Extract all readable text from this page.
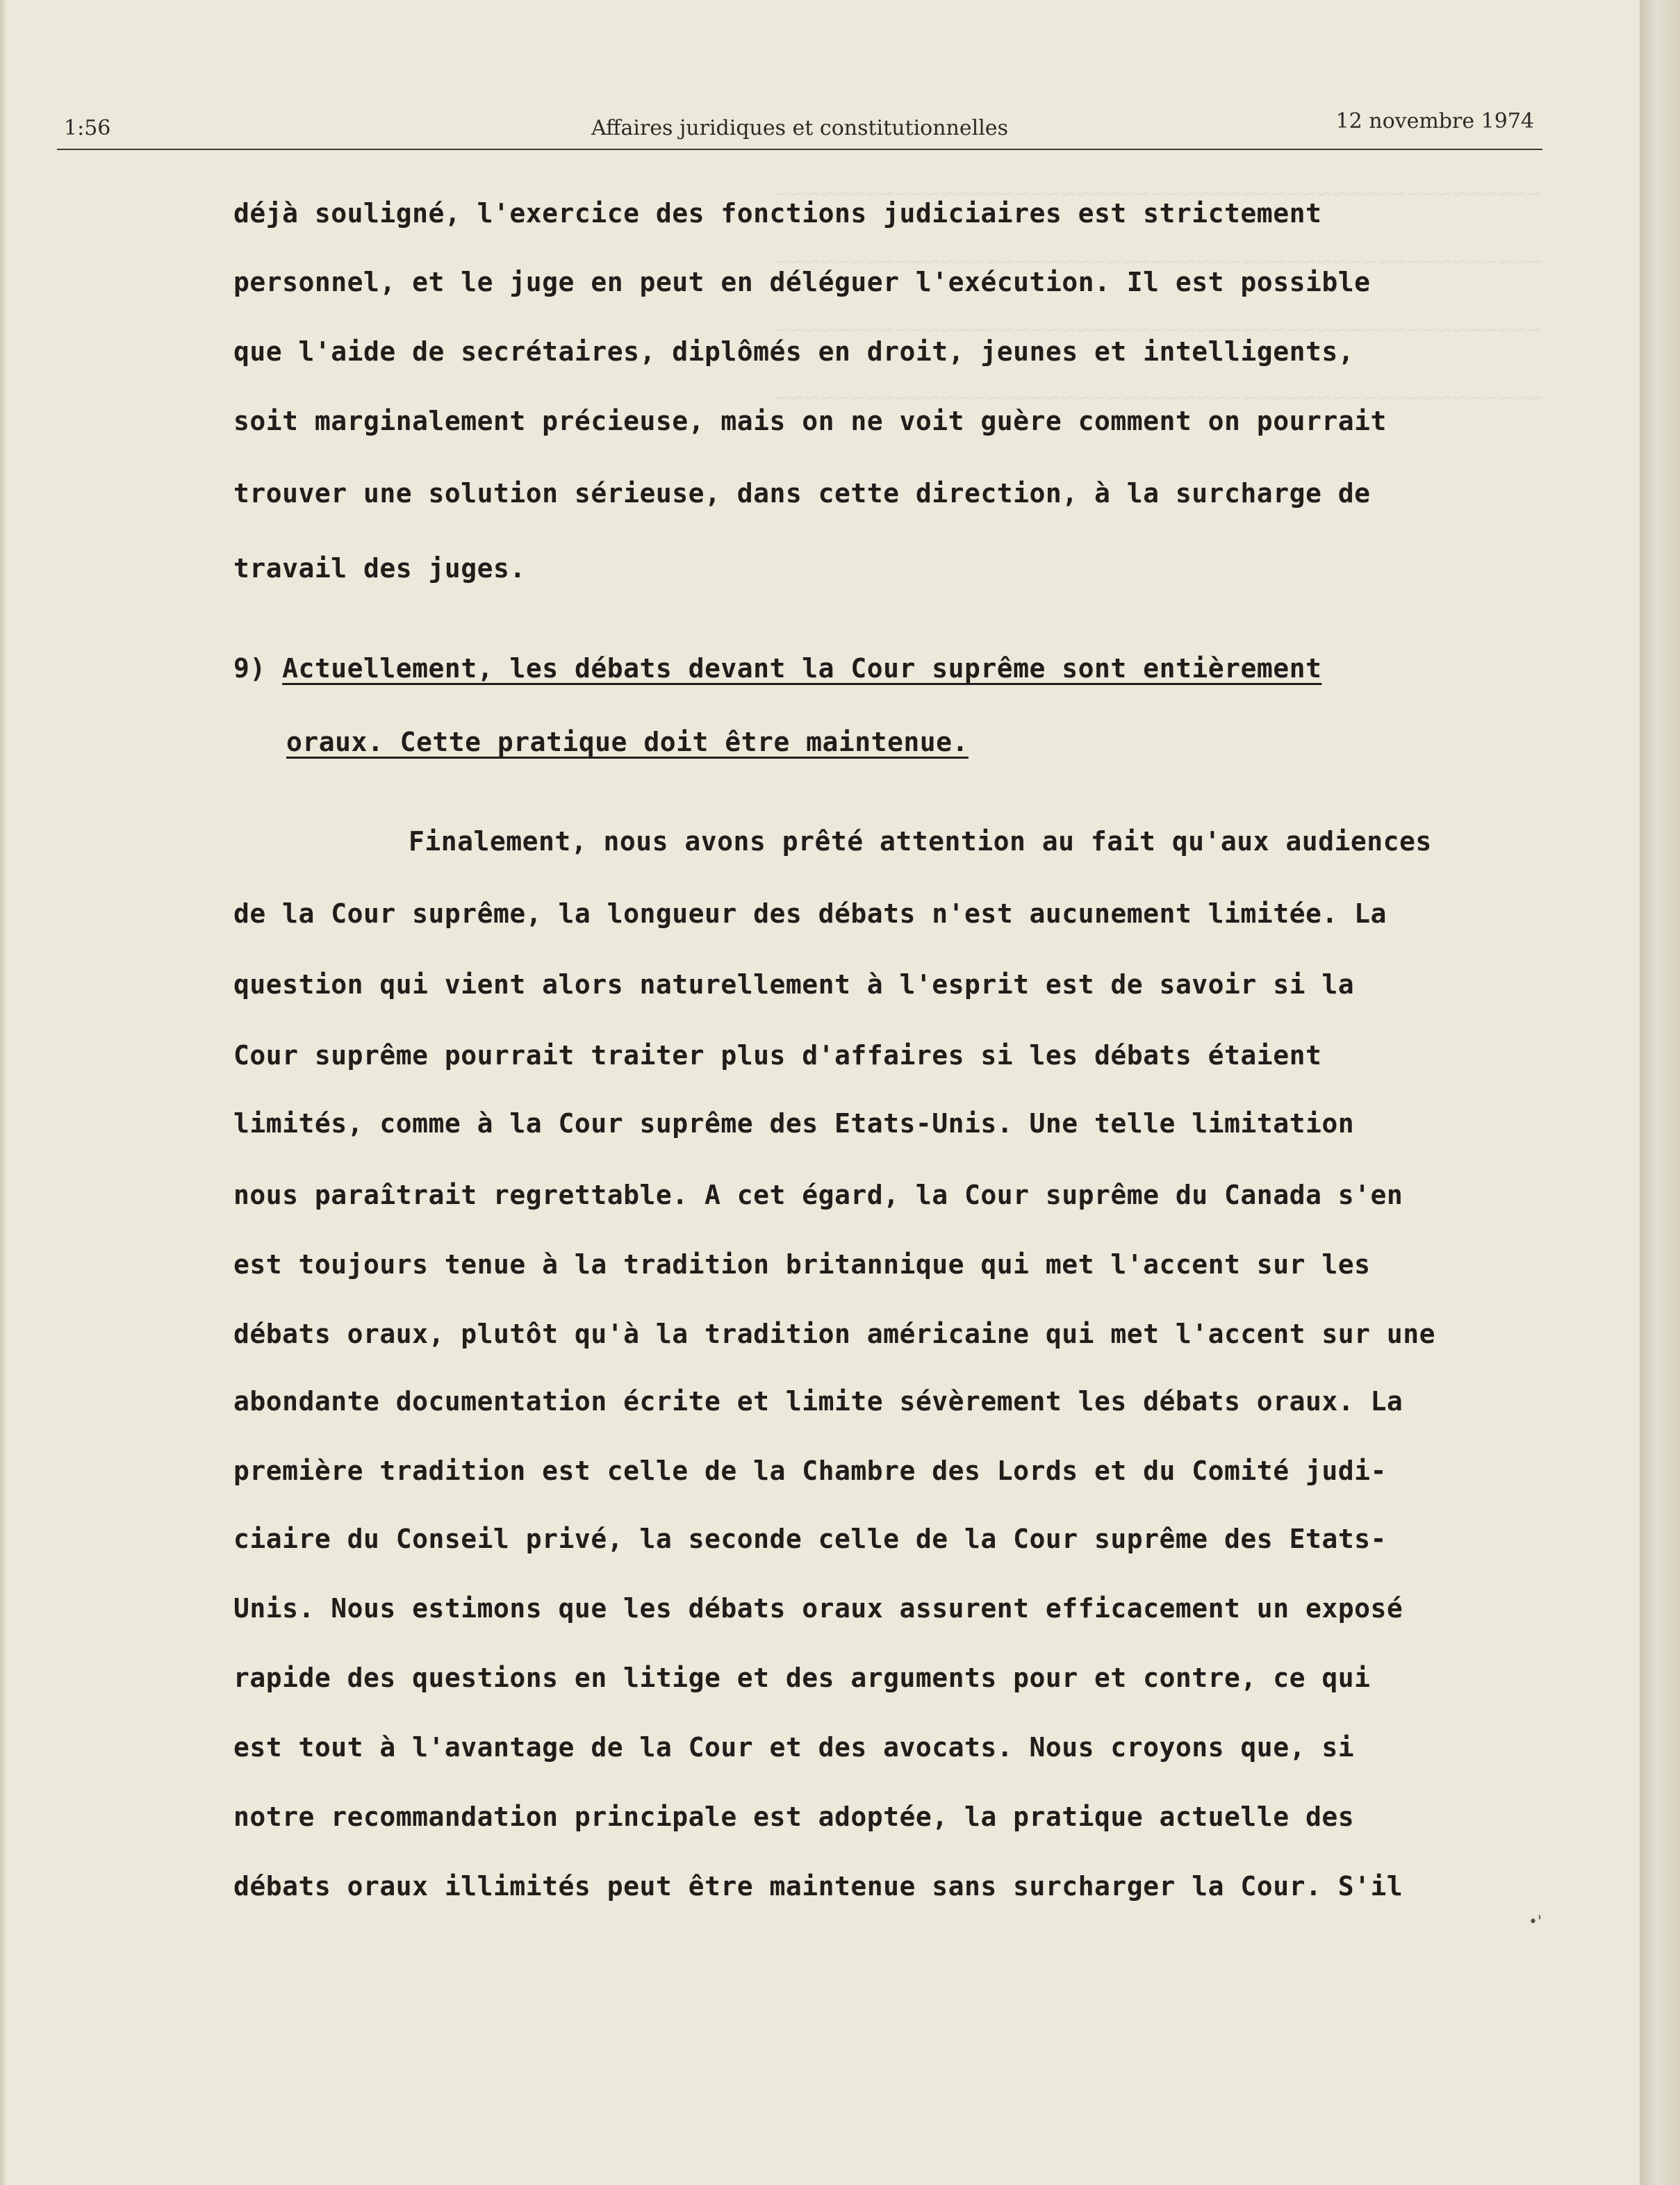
~~~~~~~~~~~~~~~~~~~~~~~~~~~~~~~~~~~~~~~~~~~~~~~~~~~
~~~~~~~~~~~~~~~~~~~~~~~~~~~~~~~~~~~~~~~~~~~~~~~~~~~
~~~~~~~~~~~~~~~~~~~~~~~~~~~~~~~~~~~~~~~~~~~~~~~~~~~
~~~~~~~~~~~~~~~~~~~~~~~~~~~~~~~~~~~~~~~~~~~~~~~~~~~
1:56	Affaires juridiques et constitutionnelles	12 novembre 1974
déjà souligné, l'exercice des fonctions judiciaires est strictement
personnel, et le juge en peut en déléguer l'exécution. Il est possible
que l'aide de secrétaires, diplômés en droit, jeunes et intelligents,
soit marginalement précieuse, mais on ne voit guère comment on pourrait
trouver une solution sérieuse, dans cette direction, à la surcharge de
travail des juges.
9) Actuellement, les débats devant la Cour suprême sont entièrement
oraux. Cette pratique doit être maintenue.
Finalement, nous avons prêté attention au fait qu'aux audiences
de la Cour suprême, la longueur des débats n'est aucunement limitée. La
question qui vient alors naturellement à l'esprit est de savoir si la
Cour suprême pourrait traiter plus d'affaires si les débats étaient
limités, comme à la Cour suprême des Etats-Unis. Une telle limitation
nous paraîtrait regrettable. A cet égard, la Cour suprême du Canada s'en
est toujours tenue à la tradition britannique qui met l'accent sur les
débats oraux, plutôt qu'à la tradition américaine qui met l'accent sur une
abondante documentation écrite et limite sévèrement les débats oraux. La
première tradition est celle de la Chambre des Lords et du Comité judi-
ciaire du Conseil privé, la seconde celle de la Cour suprême des Etats-
Unis. Nous estimons que les débats oraux assurent efficacement un exposé
rapide des questions en litige et des arguments pour et contre, ce qui
est tout à l'avantage de la Cour et des avocats. Nous croyons que, si
notre recommandation principale est adoptée, la pratique actuelle des
débats oraux illimités peut être maintenue sans surcharger la Cour. S'il
•'
